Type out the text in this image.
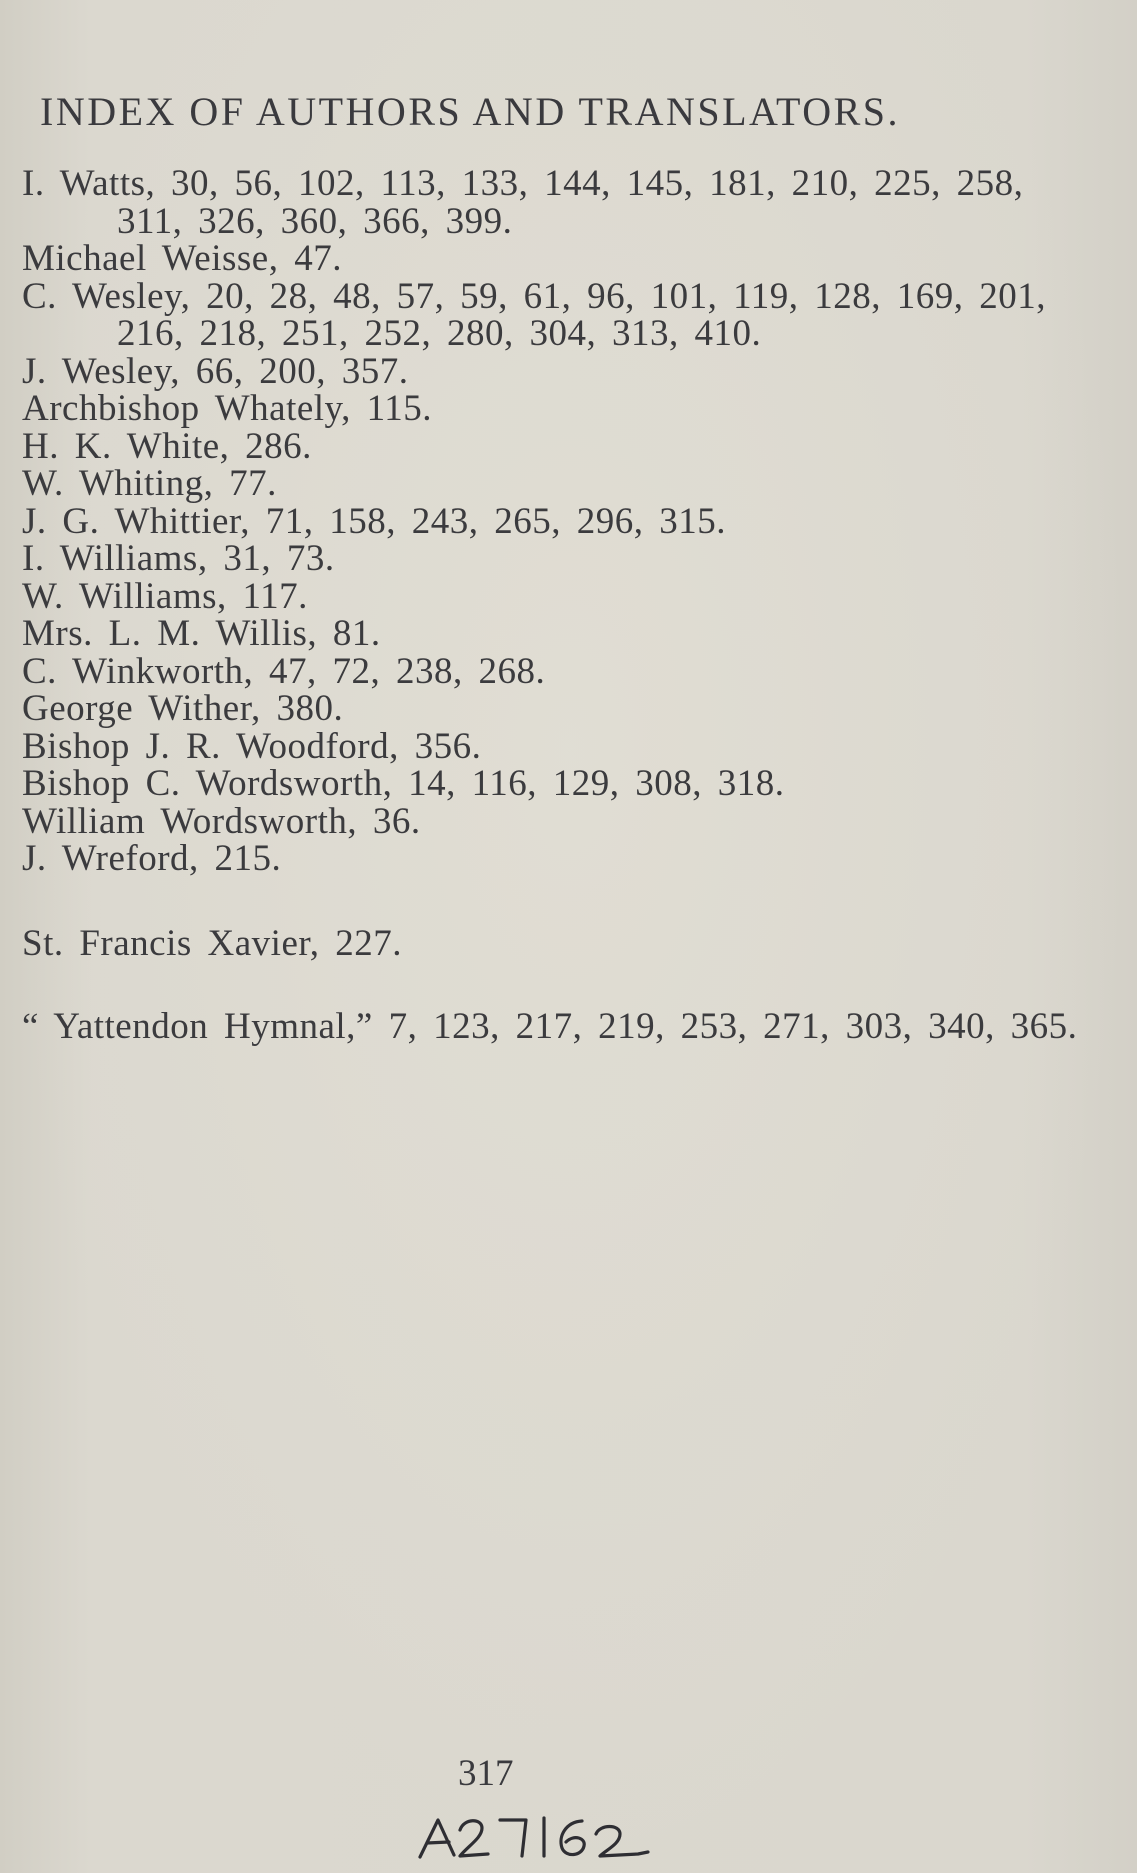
INDEX OF AUTHORS AND TRANSLATORS.
I. Watts, 30, 56, 102, 113, 133, 144, 145, 181, 210, 225, 258, 311, 326, 360, 366, 399.
Michael Weisse, 47.
C. Wesley, 20, 28, 48, 57, 59, 61, 96, 101, 119, 128, 169, 201, 216, 218, 251, 252, 280, 304, 313, 410.
J. Wesley, 66, 200, 357.
Archbishop Whately, 115.
H. K. White, 286.
W. Whiting, 77.
J. G. Whittier, 71, 158, 243, 265, 296, 315.
I. Williams, 31, 73.
W. Williams, 117.
Mrs. L. M. Willis, 81.
C. Winkworth, 47, 72, 238, 268.
George Wither, 380.
Bishop J. R. Woodford, 356.
Bishop C. Wordsworth, 14, 116, 129, 308, 318.
William Wordsworth, 36.
J. Wreford, 215.
St. Francis Xavier, 227.
“ Yattendon Hymnal,” 7, 123, 217, 219, 253, 271, 303, 340, 365.
317
